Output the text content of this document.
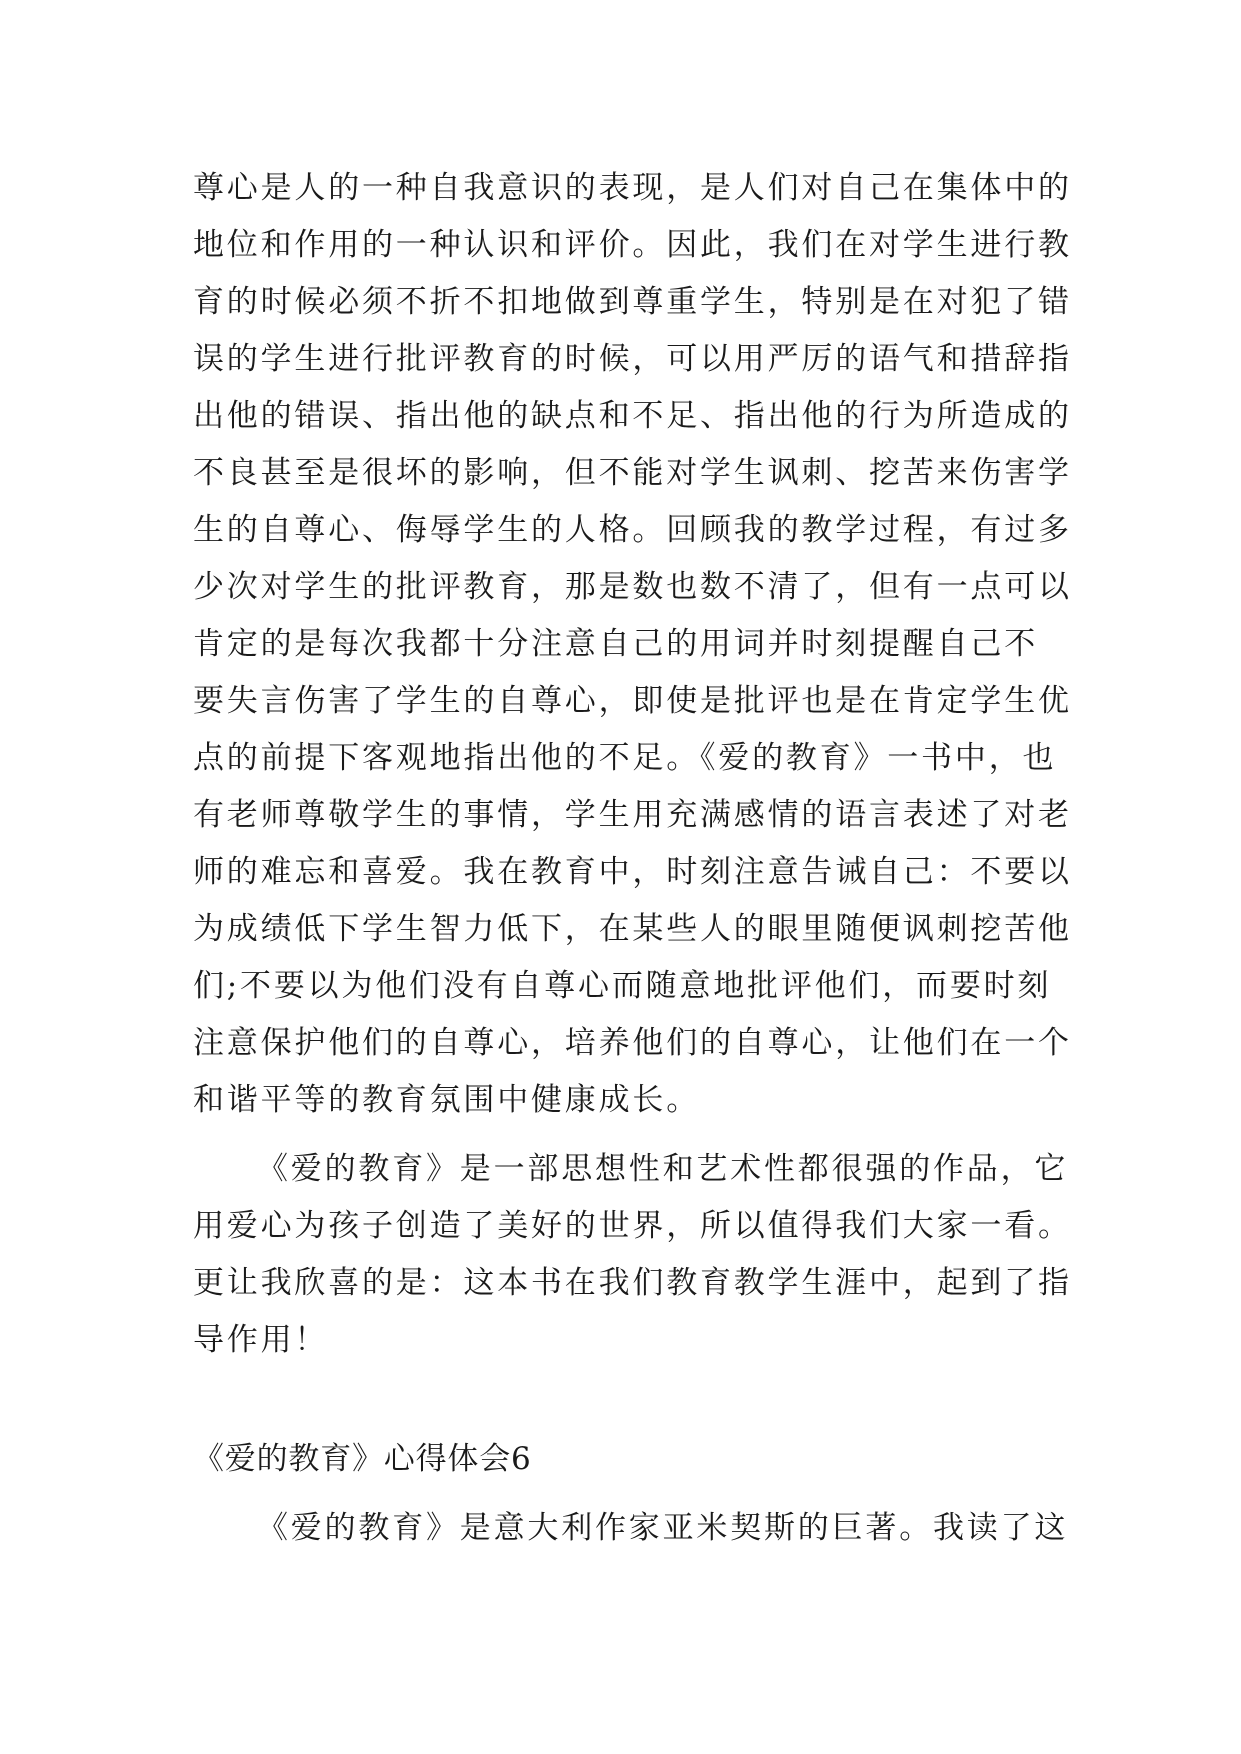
尊心是人的一种自我意识的表现，是人们对自己在集体中的
地位和作用的一种认识和评价。因此，我们在对学生进行教
育的时候必须不折不扣地做到尊重学生，特别是在对犯了错
误的学生进行批评教育的时候，可以用严厉的语气和措辞指
出他的错误、指出他的缺点和不足、指出他的行为所造成的
不良甚至是很坏的影响，但不能对学生讽刺、挖苦来伤害学
生的自尊心、侮辱学生的人格。回顾我的教学过程，有过多
少次对学生的批评教育，那是数也数不清了，但有一点可以
肯定的是每次我都十分注意自己的用词并时刻提醒自己不
要失言伤害了学生的自尊心，即使是批评也是在肯定学生优
点的前提下客观地指出他的不足。《爱的教育》一书中，也
有老师尊敬学生的事情，学生用充满感情的语言表述了对老
师的难忘和喜爱。我在教育中，时刻注意告诫自己：不要以
为成绩低下学生智力低下，在某些人的眼里随便讽刺挖苦他
们;不要以为他们没有自尊心而随意地批评他们，而要时刻
注意保护他们的自尊心，培养他们的自尊心，让他们在一个
和谐平等的教育氛围中健康成长。
《爱的教育》是一部思想性和艺术性都很强的作品，它
用爱心为孩子创造了美好的世界，所以值得我们大家一看。
更让我欣喜的是：这本书在我们教育教学生涯中，起到了指
导作用！
《爱的教育》心得体会6
《爱的教育》是意大利作家亚米契斯的巨著。我读了这
